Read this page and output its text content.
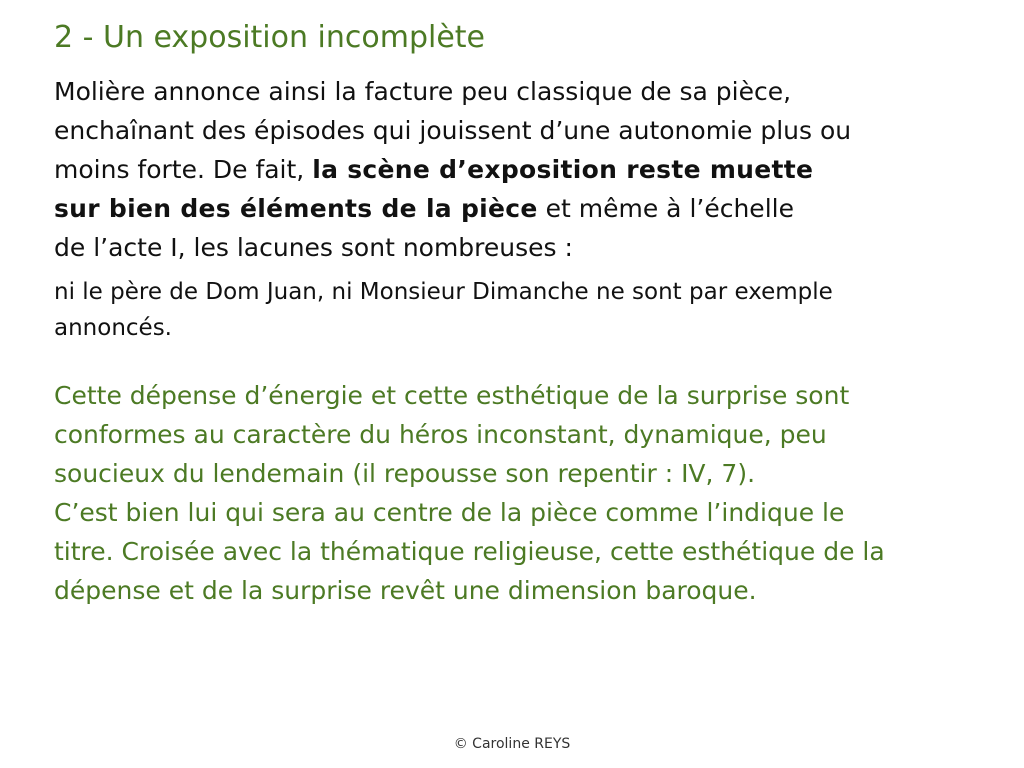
2 - Un exposition incomplète

Molière annonce ainsi la facture peu classique de sa pièce,
enchaînant des épisodes qui jouissent d’une autonomie plus ou
moins forte. De fait, la scène d’exposition reste muette
sur bien des éléments de la pièce et même à l’échelle
de l’acte I, les lacunes sont nombreuses :

ni le père de Dom Juan, ni Monsieur Dimanche ne sont par exemple
annoncés.

Cette dépense d’énergie et cette esthétique de la surprise sont
conformes au caractère du héros inconstant, dynamique, peu
soucieux du lendemain (il repousse son repentir : IV, 7).
C’est bien lui qui sera au centre de la pièce comme l’indique le
titre. Croisée avec la thématique religieuse, cette esthétique de la
dépense et de la surprise revêt une dimension baroque.

© Caroline REYS
